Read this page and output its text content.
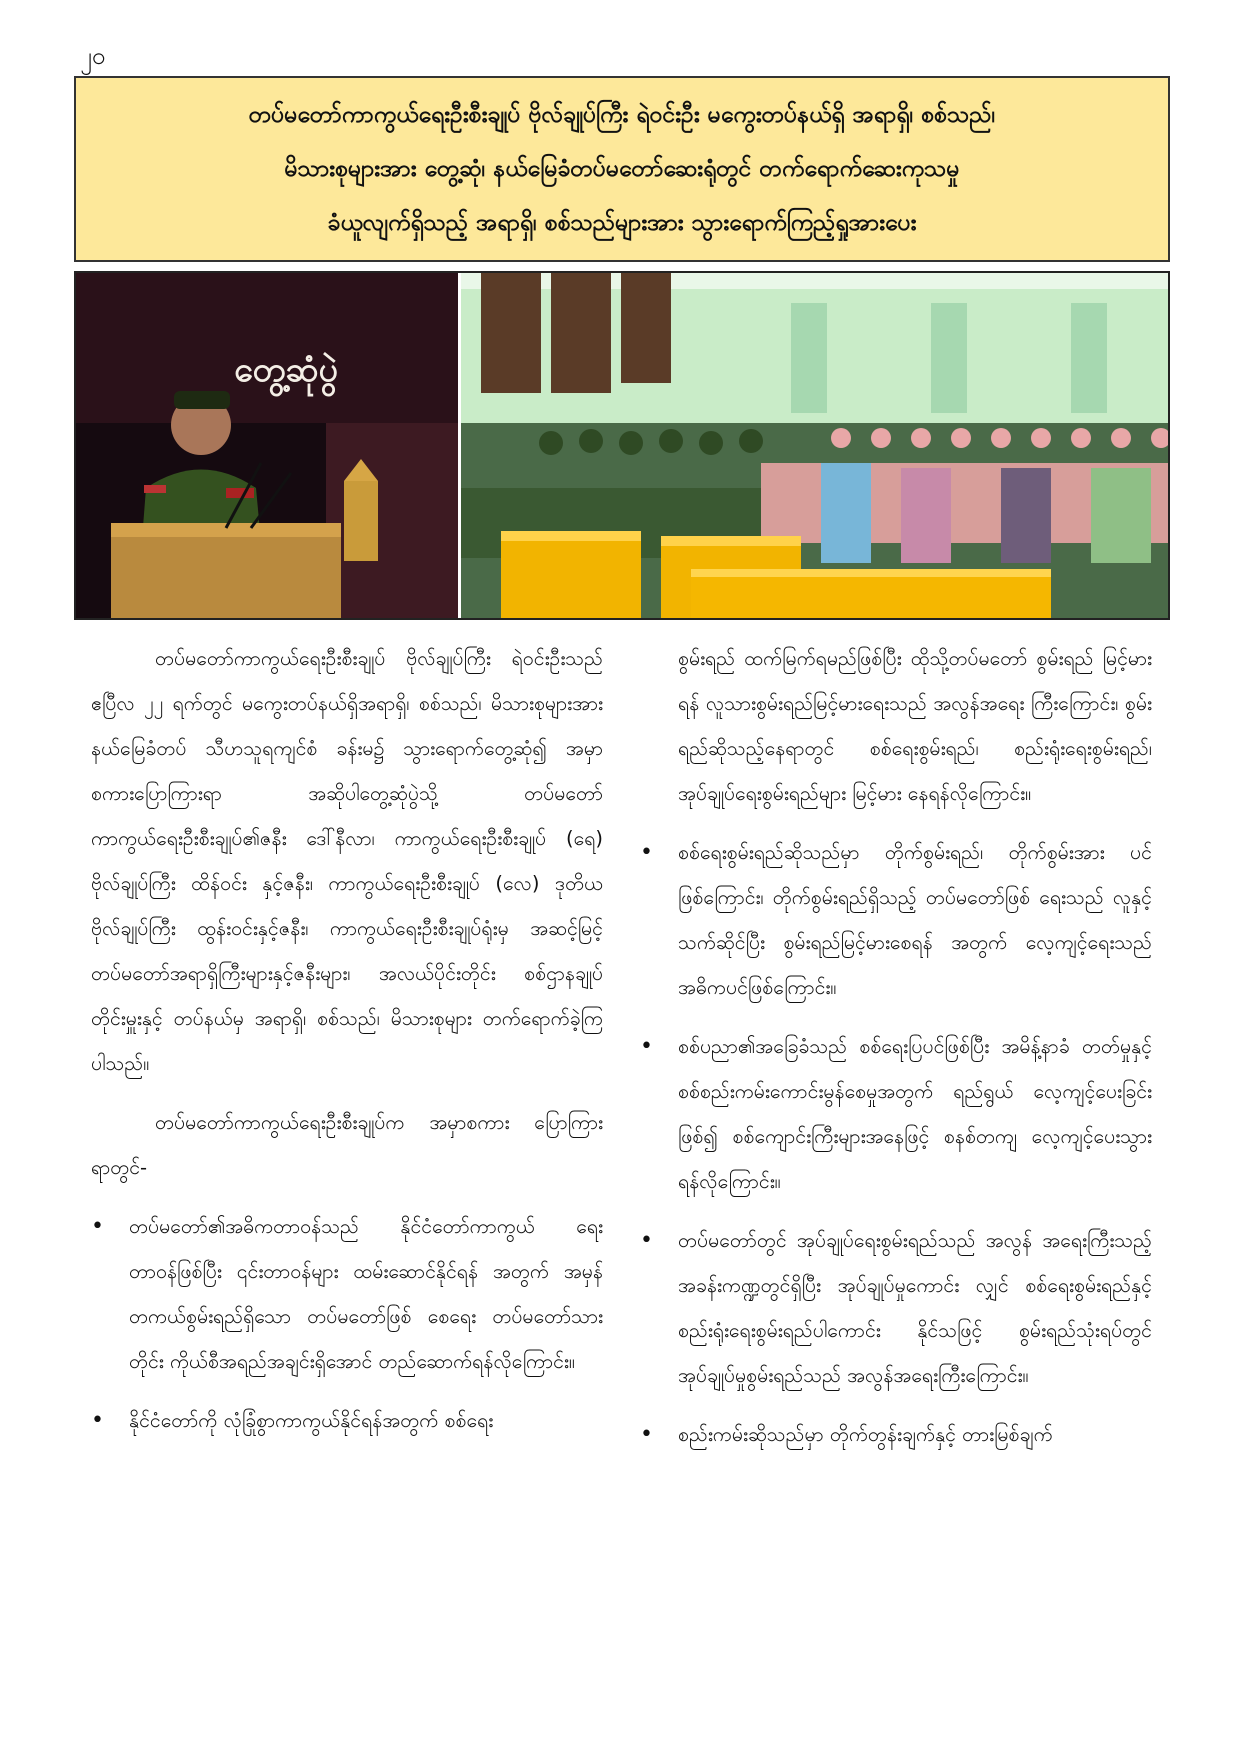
၂၀
တပ်မတော်ကာကွယ်ရေးဦးစီးချုပ် ဗိုလ်ချုပ်ကြီး ရဲဝင်းဦး မကွေးတပ်နယ်ရှိ အရာရှိ၊ စစ်သည်၊
မိသားစုများအား တွေ့ဆုံ၊ နယ်မြေခံတပ်မတော်ဆေးရုံတွင် တက်ရောက်ဆေးကုသမှု
ခံယူလျက်ရှိသည့် အရာရှိ၊ စစ်သည်များအား သွားရောက်ကြည့်ရှုအားပေး
တွေ့ဆုံပွဲ

တပ်မတော်ကာကွယ်ရေးဦးစီးချုပ် ဗိုလ်ချုပ်ကြီး ရဲဝင်းဦးသည် ဧပြီလ ၂၂ ရက်တွင် မကွေးတပ်နယ်ရှိအရာရှိ၊ စစ်သည်၊ မိသားစုများအား နယ်မြေခံတပ် သီဟသူရကျင်စံ ခန်းမ၌ သွားရောက်တွေ့ဆုံ၍ အမှာစကားပြောကြားရာ အဆိုပါတွေ့ဆုံပွဲသို့ တပ်မတော်ကာကွယ်ရေးဦးစီးချုပ်၏ဇနီး ဒေါ်နီလာ၊ ကာကွယ်ရေးဦးစီးချုပ် (ရေ) ဗိုလ်ချုပ်ကြီး ထိန်ဝင်း နှင့်ဇနီး၊ ကာကွယ်ရေးဦးစီးချုပ် (လေ) ဒုတိယဗိုလ်ချုပ်ကြီး ထွန်းဝင်းနှင့်ဇနီး၊ ကာကွယ်ရေးဦးစီးချုပ်ရုံးမှ အဆင့်မြင့် တပ်မတော်အရာရှိကြီးများနှင့်ဇနီးများ၊ အလယ်ပိုင်းတိုင်း စစ်ဌာနချုပ်တိုင်းမှူးနှင့် တပ်နယ်မှ အရာရှိ၊ စစ်သည်၊ မိသားစုများ တက်ရောက်ခဲ့ကြပါသည်။

တပ်မတော်ကာကွယ်ရေးဦးစီးချုပ်က အမှာစကား ပြောကြားရာတွင်-

• တပ်မတော်၏အဓိကတာဝန်သည် နိုင်ငံတော်ကာကွယ် ရေးတာဝန်ဖြစ်ပြီး ၎င်းတာဝန်များ ထမ်းဆောင်နိုင်ရန် အတွက် အမှန်တကယ်စွမ်းရည်ရှိသော တပ်မတော်ဖြစ် စေရေး တပ်မတော်သားတိုင်း ကိုယ်စီအရည်အချင်းရှိအောင် တည်ဆောက်ရန်လိုကြောင်း။

• နိုင်ငံတော်ကို လုံခြုံစွာကာကွယ်နိုင်ရန်အတွက် စစ်ရေး

စွမ်းရည် ထက်မြက်ရမည်ဖြစ်ပြီး ထိုသို့တပ်မတော် စွမ်းရည် မြင့်မားရန် လူသားစွမ်းရည်မြင့်မားရေးသည် အလွန်အရေး ကြီးကြောင်း၊ စွမ်းရည်ဆိုသည့်နေရာတွင် စစ်ရေးစွမ်းရည်၊ စည်းရုံးရေးစွမ်းရည်၊ အုပ်ချုပ်ရေးစွမ်းရည်များ မြင့်မား နေရန်လိုကြောင်း။

• စစ်ရေးစွမ်းရည်ဆိုသည်မှာ တိုက်စွမ်းရည်၊ တိုက်စွမ်းအား ပင်ဖြစ်ကြောင်း၊ တိုက်စွမ်းရည်ရှိသည့် တပ်မတော်ဖြစ် ရေးသည် လူနှင့်သက်ဆိုင်ပြီး စွမ်းရည်မြင့်မားစေရန် အတွက် လေ့ကျင့်ရေးသည် အဓိကပင်ဖြစ်ကြောင်း။

• စစ်ပညာ၏အခြေခံသည် စစ်ရေးပြပင်ဖြစ်ပြီး အမိန့်နာခံ တတ်မှုနှင့် စစ်စည်းကမ်းကောင်းမွန်စေမှုအတွက် ရည်ရွယ် လေ့ကျင့်ပေးခြင်းဖြစ်၍ စစ်ကျောင်းကြီးများအနေဖြင့် စနစ်တကျ လေ့ကျင့်ပေးသွားရန်လိုကြောင်း။

• တပ်မတော်တွင် အုပ်ချုပ်ရေးစွမ်းရည်သည် အလွန် အရေးကြီးသည့်အခန်းကဏ္ဍတွင်ရှိပြီး အုပ်ချုပ်မှုကောင်း လျှင် စစ်ရေးစွမ်းရည်နှင့် စည်းရုံးရေးစွမ်းရည်ပါကောင်း နိုင်သဖြင့် စွမ်းရည်သုံးရပ်တွင် အုပ်ချုပ်မှုစွမ်းရည်သည် အလွန်အရေးကြီးကြောင်း။

• စည်းကမ်းဆိုသည်မှာ တိုက်တွန်းချက်နှင့် တားမြစ်ချက်
